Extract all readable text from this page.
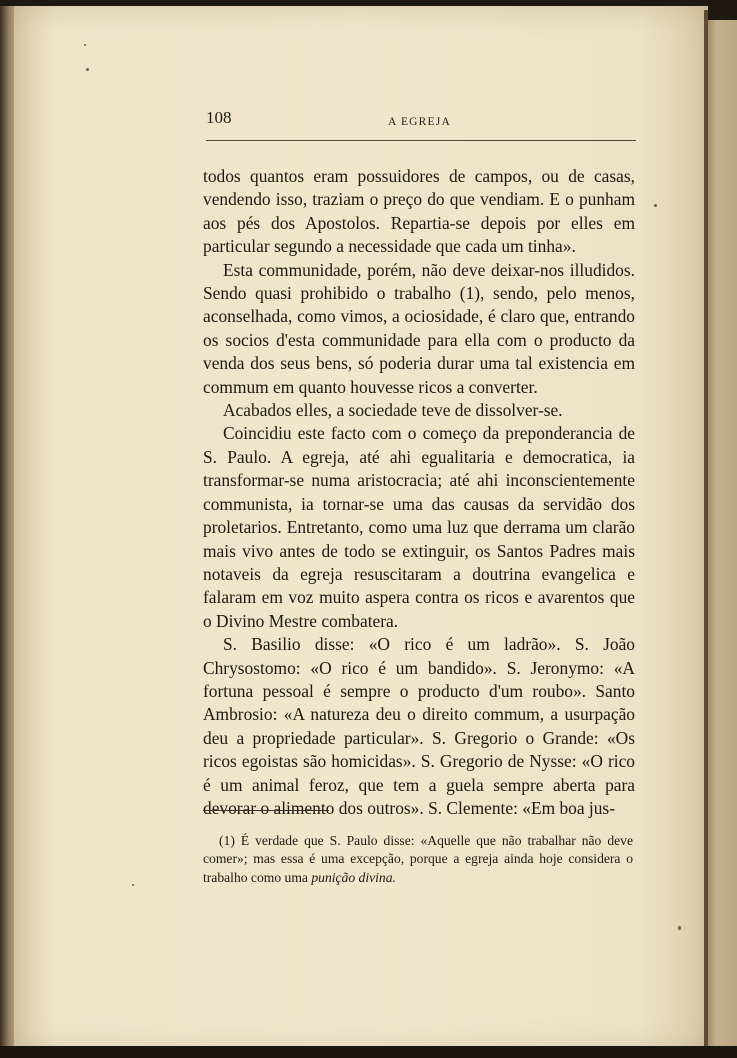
108	A EGREJA

todos quantos eram possuidores de campos, ou de casas, vendendo isso, traziam o preço do que vendiam. E o punham aos pés dos Apostolos. Repartia-se depois por elles em particular segundo a necessidade que cada um tinha».

Esta communidade, porém, não deve deixar-nos illudidos. Sendo quasi prohibido o trabalho (1), sendo, pelo menos, aconselhada, como vimos, a ociosidade, é claro que, entrando os socios d'esta communidade para ella com o producto da venda dos seus bens, só poderia durar uma tal existencia em commum em quanto houvesse ricos a converter.

Acabados elles, a sociedade teve de dissolver-se.

Coincidiu este facto com o começo da preponderancia de S. Paulo. A egreja, até ahi egualitaria e democratica, ia transformar-se numa aristocracia; até ahi inconscientemente communista, ia tornar-se uma das causas da servidão dos proletarios. Entretanto, como uma luz que derrama um clarão mais vivo antes de todo se extinguir, os Santos Padres mais notaveis da egreja resuscitaram a doutrina evangelica e falaram em voz muito aspera contra os ricos e avarentos que o Divino Mestre combatera.

S. Basilio disse: «O rico é um ladrão». S. João Chrysostomo: «O rico é um bandido». S. Jeronymo: «A fortuna pessoal é sempre o producto d'um roubo». Santo Ambrosio: «A natureza deu o direito commum, a usurpação deu a propriedade particular». S. Gregorio o Grande: «Os ricos egoistas são homicidas». S. Gregorio de Nysse: «O rico é um animal feroz, que tem a guela sempre aberta para devorar o alimento dos outros». S. Clemente: «Em boa jus-

(1) É verdade que S. Paulo disse: «Aquelle que não trabalhar não deve comer»; mas essa é uma excepção, porque a egreja ainda hoje considera o trabalho como uma punição divina.
